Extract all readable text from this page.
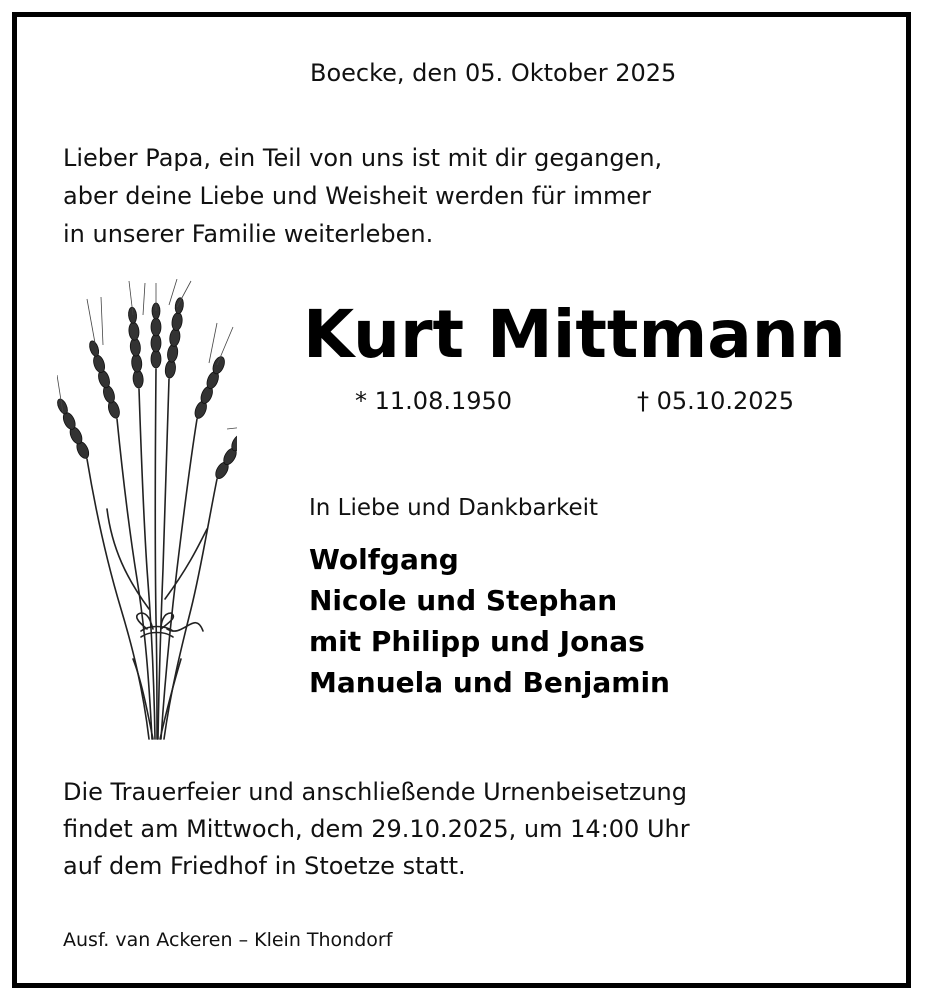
Boecke, den 05. Oktober 2025
Lieber Papa, ein Teil von uns ist mit dir gegangen,
aber deine Liebe und Weisheit werden für immer
in unserer Familie weiterleben.
Kurt Mittmann
* 11.08.1950	† 05.10.2025
In Liebe und Dankbarkeit
Wolfgang
Nicole und Stephan
mit Philipp und Jonas
Manuela und Benjamin
Die Trauerfeier und anschließende Urnenbeisetzung
findet am Mittwoch, dem 29.10.2025, um 14:00 Uhr
auf dem Friedhof in Stoetze statt.
Ausf. van Ackeren – Klein Thondorf
